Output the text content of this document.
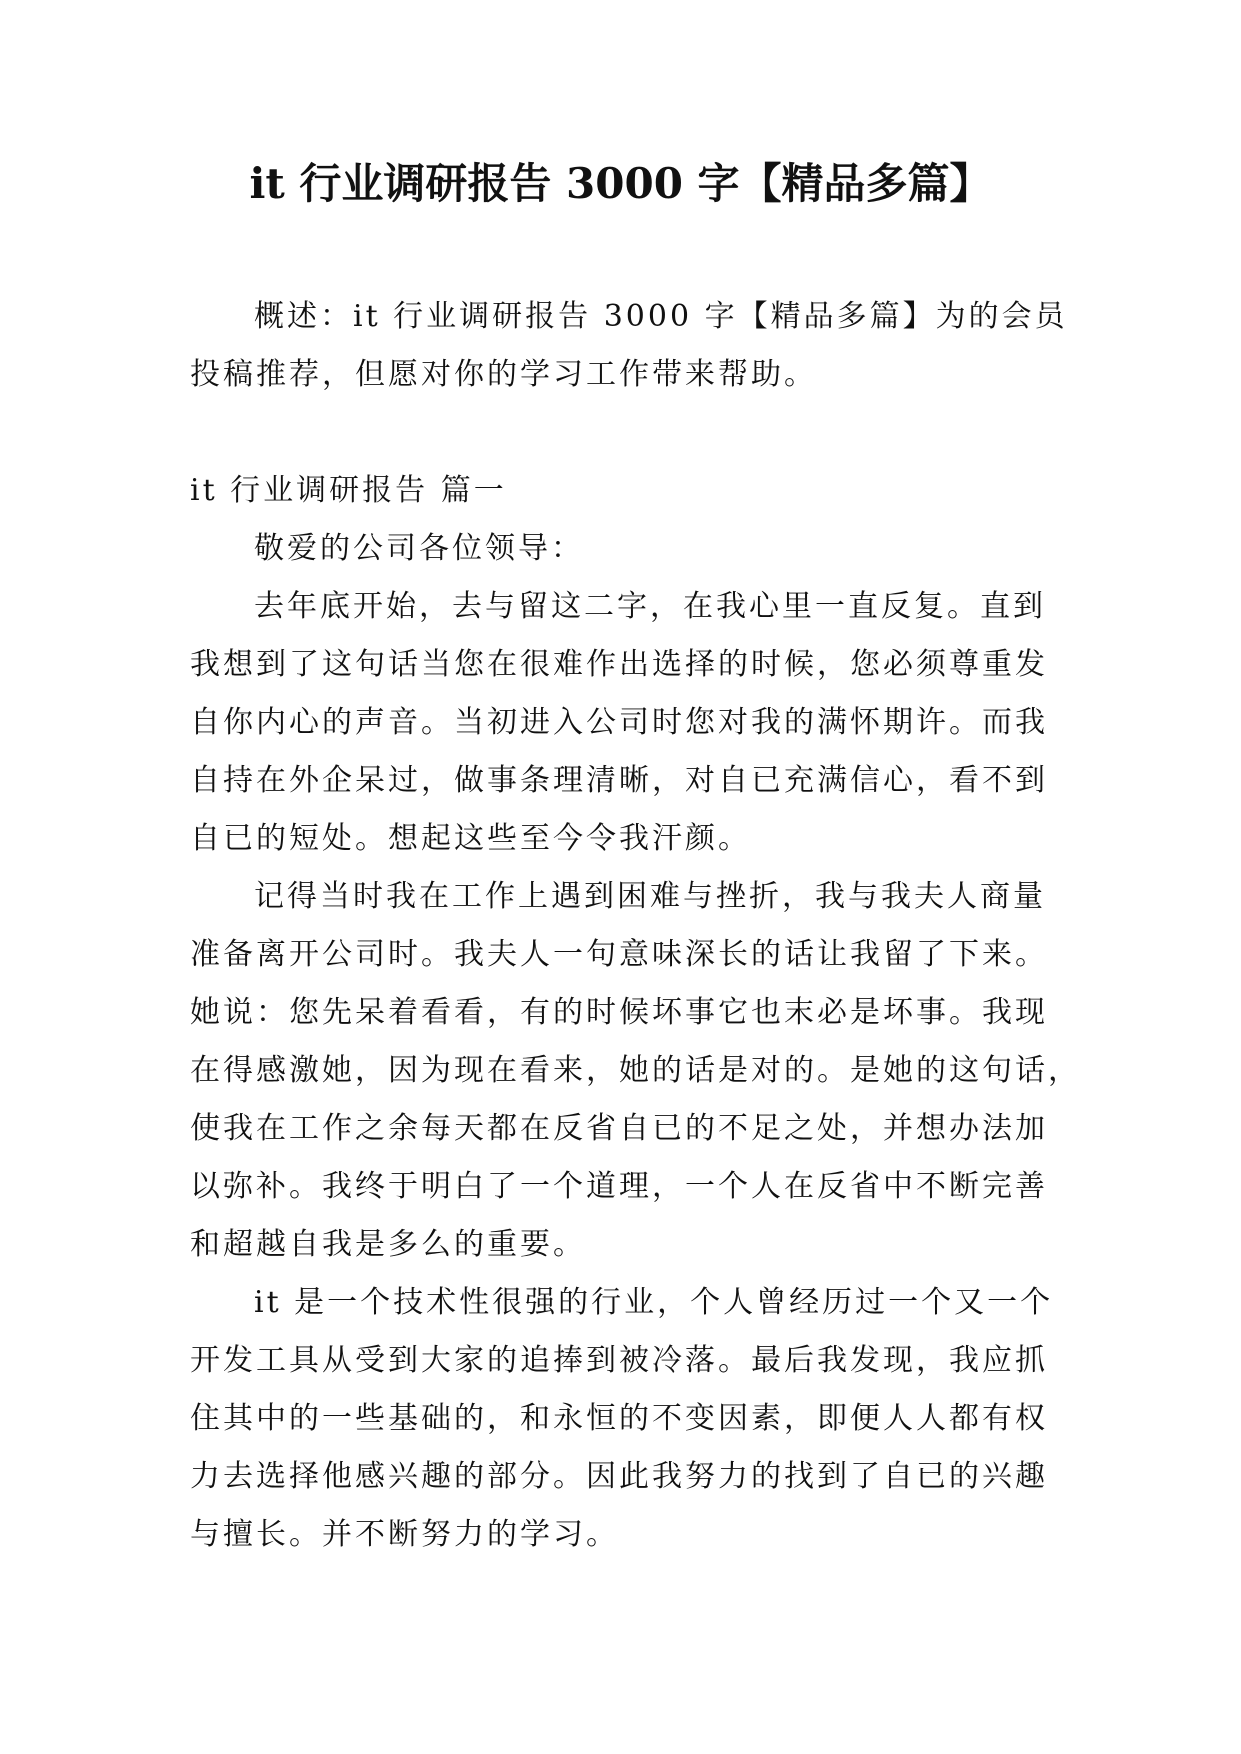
it 行业调研报告 3000 字【精品多篇】

概述：it 行业调研报告 3000 字【精品多篇】为的会员
投稿推荐，但愿对你的学习工作带来帮助。

it 行业调研报告 篇一

敬爱的公司各位领导：

去年底开始，去与留这二字，在我心里一直反复。直到
我想到了这句话当您在很难作出选择的时候，您必须尊重发
自你内心的声音。当初进入公司时您对我的满怀期许。而我
自持在外企呆过，做事条理清晰，对自已充满信心，看不到
自已的短处。想起这些至今令我汗颜。

记得当时我在工作上遇到困难与挫折，我与我夫人商量
准备离开公司时。我夫人一句意味深长的话让我留了下来。
她说：您先呆着看看，有的时候坏事它也末必是坏事。我现
在得感激她，因为现在看来，她的话是对的。是她的这句话，
使我在工作之余每天都在反省自已的不足之处，并想办法加
以弥补。我终于明白了一个道理，一个人在反省中不断完善
和超越自我是多么的重要。

it 是一个技术性很强的行业，个人曾经历过一个又一个
开发工具从受到大家的追捧到被冷落。最后我发现，我应抓
住其中的一些基础的，和永恒的不变因素，即便人人都有权
力去选择他感兴趣的部分。因此我努力的找到了自已的兴趣
与擅长。并不断努力的学习。
